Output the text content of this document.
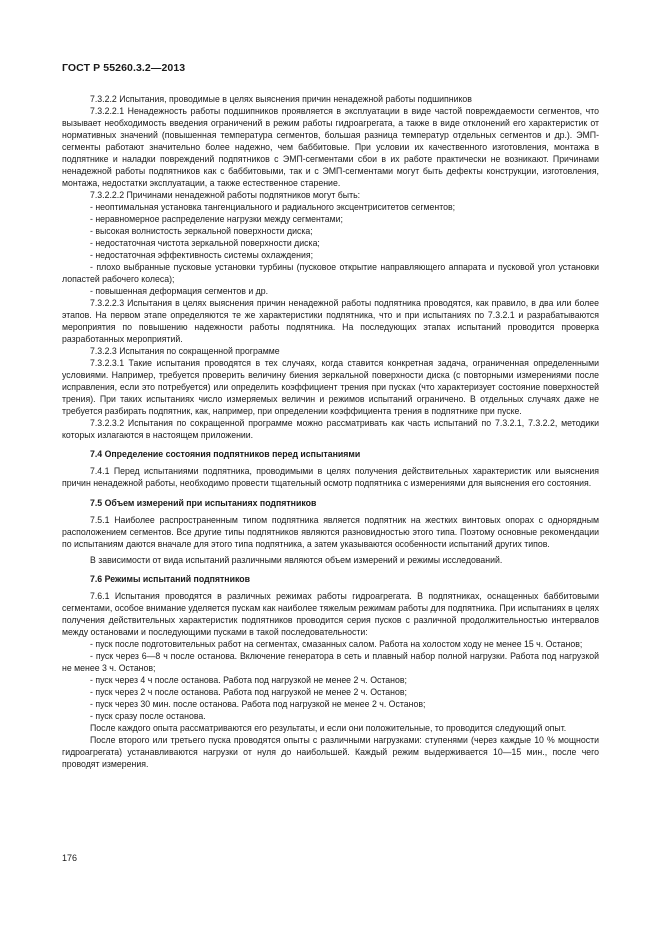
ГОСТ Р 55260.3.2—2013

7.3.2.2 Испытания, проводимые в целях выяснения причин ненадежной работы подшипников

7.3.2.2.1 Ненадежность работы подшипников проявляется в эксплуатации в виде частой повреждаемости сегментов, что вызывает необходимость введения ограничений в режим работы гидроагрегата, а также в виде отклонений его характеристик от нормативных значений (повышенная температура сегментов, большая разница температур отдельных сегментов и др.). ЭМП-сегменты работают значительно более надежно, чем баббитовые. При условии их качественного изготовления, монтажа в подпятнике и наладки повреждений подпятников с ЭМП-сегментами сбои в их работе практически не возникают. Причинами ненадежной работы подпятников как с баббитовыми, так и с ЭМП-сегментами могут быть дефекты конструкции, изготовления, монтажа, недостатки эксплуатации, а также естественное старение.

7.3.2.2.2 Причинами ненадежной работы подпятников могут быть:

- неоптимальная установка тангенциального и радиального эксцентриситетов сегментов;

- неравномерное распределение нагрузки между сегментами;

- высокая волнистость зеркальной поверхности диска;

- недостаточная чистота зеркальной поверхности диска;

- недостаточная эффективность системы охлаждения;

- плохо выбранные пусковые установки турбины (пусковое открытие направляющего аппарата и пусковой угол установки лопастей рабочего колеса);

- повышенная деформация сегментов и др.

7.3.2.2.3 Испытания в целях выяснения причин ненадежной работы подпятника проводятся, как правило, в два или более этапов. На первом этапе определяются те же характеристики подпятника, что и при испытаниях по 7.3.2.1 и разрабатываются мероприятия по повышению надежности работы подпятника. На последующих этапах испытаний проводится проверка разработанных мероприятий.

7.3.2.3 Испытания по сокращенной программе

7.3.2.3.1 Такие испытания проводятся в тех случаях, когда ставится конкретная задача, ограниченная определенными условиями. Например, требуется проверить величину биения зеркальной поверхности диска (с повторными измерениями после исправления, если это потребуется) или определить коэффициент трения при пусках (что характеризует состояние поверхностей трения). При таких испытаниях число измеряемых величин и режимов испытаний ограничено. В отдельных случаях даже не требуется разбирать подпятник, как, например, при определении коэффициента трения в подпятнике при пуске.

7.3.2.3.2 Испытания по сокращенной программе можно рассматривать как часть испытаний по 7.3.2.1, 7.3.2.2, методики которых излагаются в настоящем приложении.

7.4 Определение состояния подпятников перед испытаниями

7.4.1 Перед испытаниями подпятника, проводимыми в целях получения действительных характеристик или выяснения причин ненадежной работы, необходимо провести тщательный осмотр подпятника с измерениями для выяснения его состояния.

7.5 Объем измерений при испытаниях подпятников

7.5.1 Наиболее распространенным типом подпятника является подпятник на жестких винтовых опорах с однорядным расположением сегментов. Все другие типы подпятников являются разновидностью этого типа. Поэтому основные рекомендации по испытаниям даются вначале для этого типа подпятника, а затем указываются особенности испытаний других типов.

В зависимости от вида испытаний различными являются объем измерений и режимы исследований.

7.6 Режимы испытаний подпятников

7.6.1 Испытания проводятся в различных режимах работы гидроагрегата. В подпятниках, оснащенных баббитовыми сегментами, особое внимание уделяется пускам как наиболее тяжелым режимам работы для подпятника. При испытаниях в целях получения действительных характеристик подпятников проводится серия пусков с различной продолжительностью интервалов между остановами и последующими пусками в такой последовательности:

- пуск после подготовительных работ на сегментах, смазанных салом. Работа на холостом ходу не менее 15 ч. Останов;

- пуск через 6—8 ч после останова. Включение генератора в сеть и плавный набор полной нагрузки. Работа под нагрузкой не менее 3 ч. Останов;

- пуск через 4 ч после останова. Работа под нагрузкой не менее 2 ч. Останов;

- пуск через 2 ч после останова. Работа под нагрузкой не менее 2 ч. Останов;

- пуск через 30 мин. после останова. Работа под нагрузкой не менее 2 ч. Останов;

- пуск сразу после останова.

После каждого опыта рассматриваются его результаты, и если они положительные, то проводится следующий опыт.

После второго или третьего пуска проводятся опыты с различными нагрузками: ступенями (через каждые 10 % мощности гидроагрегата) устанавливаются нагрузки от нуля до наибольшей. Каждый режим выдерживается 10—15 мин., после чего проводят измерения.

176
